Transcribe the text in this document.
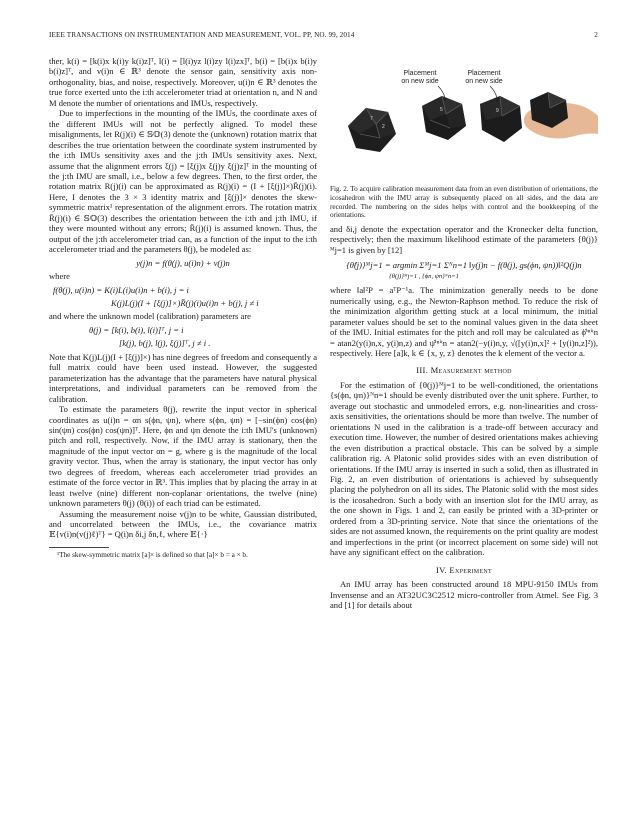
IEEE TRANSACTIONS ON INSTRUMENTATION AND MEASUREMENT, VOL. PP, NO. 99, 2014	2

ther, k(i) = [k(i)x k(i)y k(i)z]ᵀ, l(i) = [l(i)yz l(i)zy l(i)zx]ᵀ, b(i) = [b(i)x b(i)y b(i)z]ᵀ, and v(i)n ∈ ℝ³ denote the sensor gain, sensitivity axis non-orthogonality, bias, and noise, respectively. Moreover, u(i)n ∈ ℝ³ denotes the true force exerted unto the i:th accelerometer triad at orientation n, and N and M denote the number of orientations and IMUs, respectively.

Due to imperfections in the mounting of the IMUs, the coordinate axes of the different IMUs will not be perfectly aligned. To model these misalignments, let R(j)(i) ∈ 𝕊𝕆(3) denote the (unknown) rotation matrix that describes the true orientation between the coordinate system instrumented by the i:th IMUs sensitivity axes and the j:th IMUs sensitivity axes. Next, assume that the alignment errors ξ(j) = [ξ(j)x ξ(j)y ξ(j)z]ᵀ in the mounting of the j:th IMU are small, i.e., below a few degrees. Then, to the first order, the rotation matrix R(j)(i) can be approximated as R(j)(i) = (I + [ξ(j)]×)R̄(j)(i). Here, I denotes the 3 × 3 identity matrix and [ξ(j)]× denotes the skew-symmetric matrix¹ representation of the alignment errors. The rotation matrix R̄(j)(i) ∈ 𝕊𝕆(3) describes the orientation between the i:th and j:th IMU, if they were mounted without any errors; R̄(j)(i) is assumed known. Thus, the output of the j:th accelerometer triad can, as a function of the input to the i:th accelerometer triad and the parameters θ(j), be modeled as:

y(j)n = f(θ(j), u(i)n) + v(j)n

where

f(θ(j), u(i)n) = K(i)L(i)u(i)n + b(i), j = i
K(j)L(j)(I + [ξ(j)]×)R̄(j)(i)u(i)n + b(j), j ≠ i

and where the unknown model (calibration) parameters are

θ(j) = [k(i), b(i), l(i)]ᵀ, j = i
[k(j), b(j), l(j), ξ(j)]ᵀ, j ≠ i .

Note that K(j)L(j)(I + [ξ(j)]×) has nine degrees of freedom and consequently a full matrix could have been used instead. However, the suggested parameterization has the advantage that the parameters have natural physical interpretations, and individual parameters can be removed from the calibration.

To estimate the parameters θ(j), rewrite the input vector in spherical coordinates as u(i)n = αn s(ϕn, ψn), where s(ϕn, ψn) = [−sin(ϕn) cos(ϕn) sin(ψn) cos(ϕn) cos(ψn)]ᵀ. Here, ϕn and ψn denote the i:th IMU's (unknown) pitch and roll, respectively. Now, if the IMU array is stationary, then the magnitude of the input vector αn = g, where g is the magnitude of the local gravity vector. Thus, when the array is stationary, the input vector has only two degrees of freedom, whereas each accelerometer triad provides an estimate of the force vector in ℝ³. This implies that by placing the array in at least twelve (nine) different non-coplanar orientations, the twelve (nine) unknown parameters θ(j) (θ(i)) of each triad can be estimated.

Assuming the measurement noise v(j)n to be white, Gaussian distributed, and uncorrelated between the IMUs, i.e., the covariance matrix 𝔼{v(i)n(v(j)ℓ)ᵀ} = Q(i)n δi,j δn,ℓ, where 𝔼{·}

¹The skew-symmetric matrix [a]× is defined so that [a]× b = a × b.

7
2
5	9
Placement
on new side
Placement
on new side

Fig. 2. To acquire calibration measurement data from an even distribution of orientations, the icosahedron with the IMU array is subsequently placed on all sides, and the data are recorded. The numbering on the sides helps with control and the bookkeeping of the orientations.

and δi,j denote the expectation operator and the Kronecker delta function, respectively; then the maximum likelihood estimate of the parameters {θ(j)}ᴹj=1 is given by [12]

{θ̂(j)}ᴹj=1 = argmin Σᴹj=1 Σᴺn=1 ‖y(j)n − f(θ(j), gs(ϕn, ψn))‖²Q(j)n
{θ(j)}ᴹj=1 , {ϕn, ψn}ᴺn=1

where ‖a‖²P = aᵀP⁻¹a. The minimization generally needs to be done numerically using, e.g., the Newton-Raphson method. To reduce the risk of the minimization algorithm getting stuck at a local minimum, the initial parameter values should be set to the nominal values given in the data sheet of the IMU. Initial estimates for the pitch and roll may be calculated as ϕ̂ⁱⁿⁱᵗn = atan2(y(i)n,x, y(i)n,z) and ψ̂ⁱⁿⁱᵗn = atan2(−y(i)n,y, √([y(i)n,x]² + [y(i)n,z]²)), respectively. Here [a]k, k ∈ {x, y, z} denotes the k element of the vector a.

III. Measurement method

For the estimation of {θ(j)}ᴹj=1 to be well-conditioned, the orientations {s(ϕn, ψn)}ᴺn=1 should be evenly distributed over the unit sphere. Further, to average out stochastic and unmodeled errors, e.g. non-linearities and cross-axis sensitivities, the orientations should be more than twelve. The number of orientations N used in the calibration is a trade-off between accuracy and execution time. However, the number of desired orientations makes achieving the even distribution a practical obstacle. This can be solved by a simple calibration rig. A Platonic solid provides sides with an even distribution of orientations. If the IMU array is inserted in such a solid, then as illustrated in Fig. 2, an even distribution of orientations is achieved by subsequently placing the polyhedron on all its sides. The Platonic solid with the most sides is the icosahedron. Such a body with an insertion slot for the IMU array, as the one shown in Figs. 1 and 2, can easily be printed with a 3D-printer or ordered from a 3D-printing service. Note that since the orientations of the sides are not assumed known, the requirements on the print quality are modest and imperfections in the print (or incorrect placement on some side) will not have any significant effect on the calibration.

IV. Experiment

An IMU array has been constructed around 18 MPU-9150 IMUs from Invensense and an AT32UC3C2512 micro-controller from Atmel. See Fig. 3 and [1] for details about
